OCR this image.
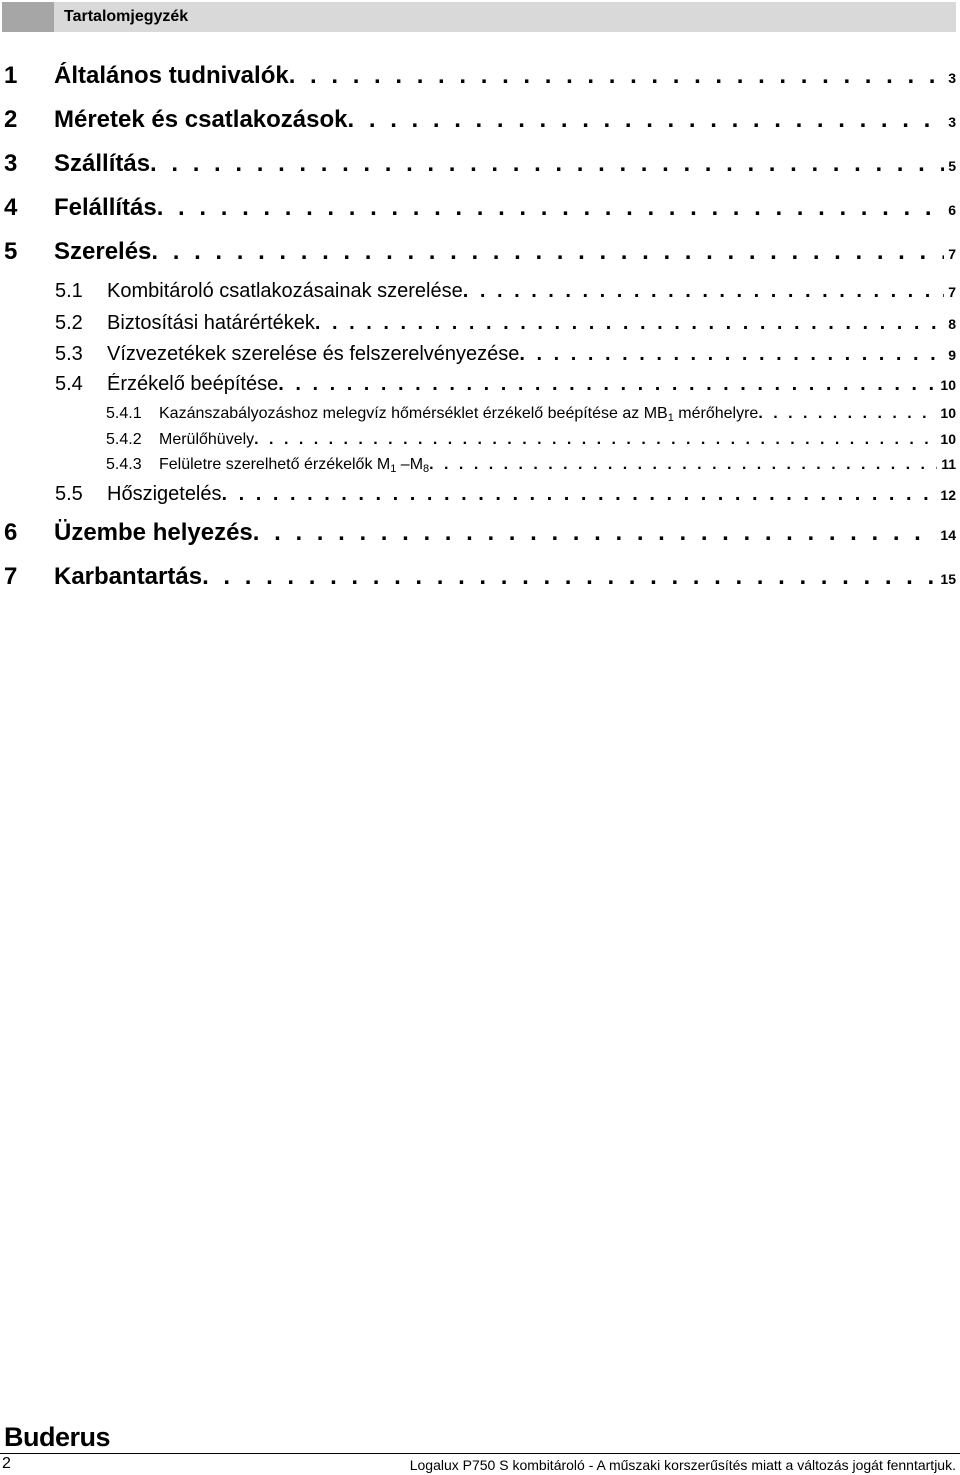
Tartalomjegyzék
1	Általános tudnivalók . . .	3
2	Méretek és csatlakozások . . .	3
3	Szállítás . . .	5
4	Felállítás . . .	6
5	Szerelés . . .	7
5.1	Kombitároló csatlakozásainak szerelése . . .	7
5.2	Biztosítási határértékek . . .	8
5.3	Vízvezetékek szerelése és felszerelvényezése . . .	9
5.4	Érzékelő beépítése . . .	10
5.4.1	Kazánszabályozáshoz melegvíz hőmérséklet érzékelő beépítése az $MB_1$ mérőhelyre . . .	10
5.4.2	Merülőhüvely . . .	10
5.4.3	Felületre szerelhető érzékelők $M_1$ $-M_8$ . . .	11
5.5	Hőszigetelés . . .	12
6	Üzembe helyezés . . .	14
7	Karbantartás . . .	15
Buderus
2	Logalux P750 S kombitároló - A műszaki korszerűsítés miatt a változás jogát fenntartjuk.
